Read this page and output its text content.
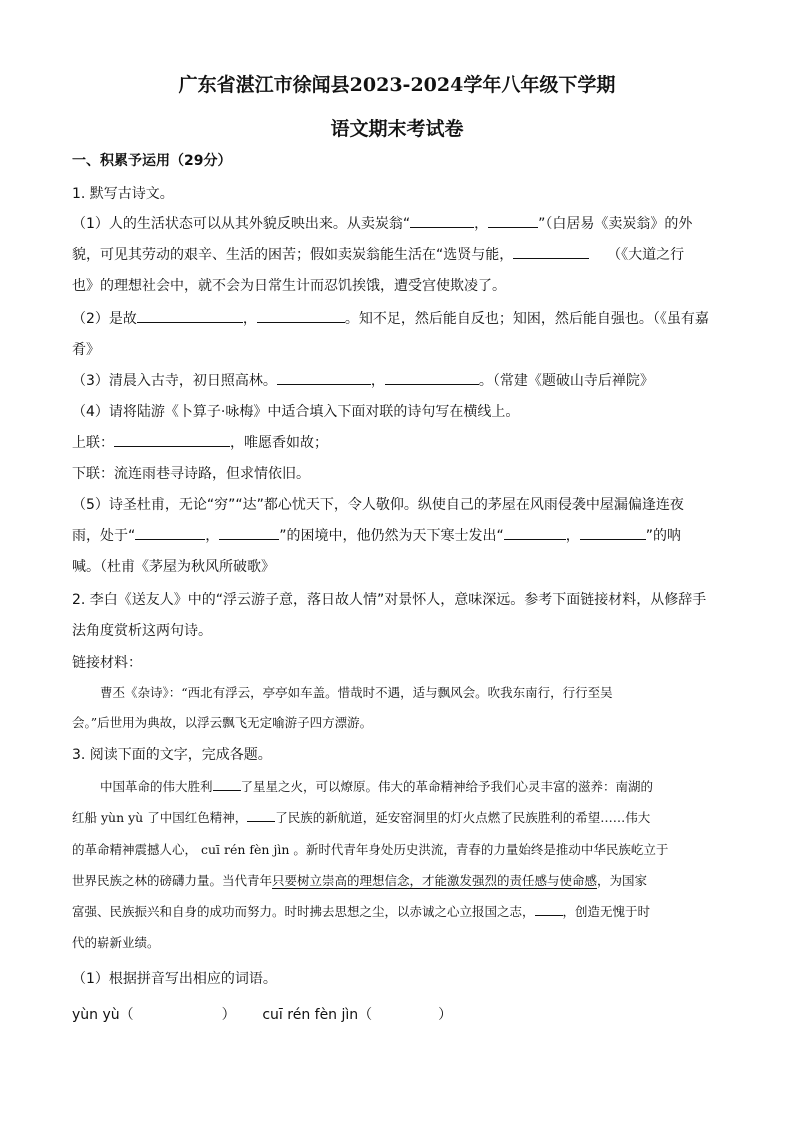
广东省湛江市徐闻县2023-2024学年八年级下学期
语文期末考试卷
一、积累予运用（29分）
1. 默写古诗文。
（1）人的生活状态可以从其外貌反映出来。从卖炭翁“	，	”（白居易《卖炭翁》的外
貌，可见其劳动的艰辛、生活的困苦；假如卖炭翁能生活在“选贤与能，	（《大道之行
也》的理想社会中，就不会为日常生计而忍饥挨饿，遭受宫使欺凌了。
（2）是故	，	。知不足，然后能自反也；知困，然后能自强也。（《虽有嘉
肴》
（3）清晨入古寺，初日照高林。	，	。（常建《题破山寺后禅院》
（4）请将陆游《卜算子·咏梅》中适合填入下面对联的诗句写在横线上。
上联：	，唯愿香如故；
下联：流连雨巷寻诗路，但求情依旧。
（5）诗圣杜甫，无论“穷”“达”都心忧天下，令人敬仰。纵使自己的茅屋在风雨侵袭中屋漏偏逢连夜
雨，处于“	，	”的困境中，他仍然为天下寒士发出“	，	”的呐
喊。（杜甫《茅屋为秋风所破歌》
2. 李白《送友人》中的“浮云游子意，落日故人情”对景怀人，意味深远。参考下面链接材料，从修辞手
法角度赏析这两句诗。
链接材料：
曹丕《杂诗》：“西北有浮云，亭亭如车盖。惜哉时不遇，适与飘风会。吹我东南行，行行至吴
会。”后世用为典故，以浮云飘飞无定喻游子四方漂游。
3. 阅读下面的文字，完成各题。
中国革命的伟大胜利 了星星之火，可以燎原。伟大的革命精神给予我们心灵丰富的滋养：南湖的
红船 yùn yù 了中国红色精神， 了民族的新航道，延安窑洞里的灯火点燃了民族胜利的希望……伟大
的革命精神震撼人心， cuī rén fèn jìn 。新时代青年身处历史洪流，青春的力量始终是推动中华民族屹立于
世界民族之林的磅礴力量。当代青年只要树立崇高的理想信念，才能激发强烈的责任感与使命感，为国家
富强、民族振兴和自身的成功而努力。时时拂去思想之尘，以赤诚之心立报国之志， ，创造无愧于时
代的崭新业绩。
（1）根据拼音写出相应的词语。
yùn yù（	） cuī rén fèn jìn（	）
